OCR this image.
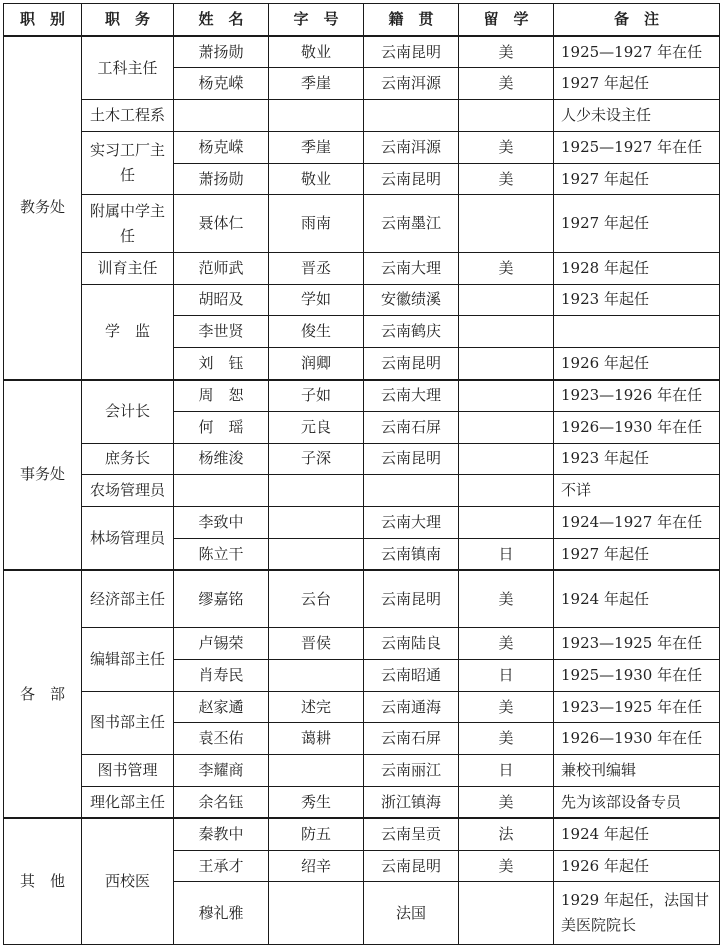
职　别	职　务	姓　名	字　号	籍　贯	留　学	备　注
教务处	工科主任	萧扬勋	敬业	云南昆明	美	1925—1927 年在任
		杨克嵘	季崖	云南洱源	美	1927 年起任
	土木工程系					人少未设主任
	实习工厂主任	杨克嵘	季崖	云南洱源	美	1925—1927 年在任
		萧扬勋	敬业	云南昆明	美	1927 年起任
	附属中学主任	聂体仁	雨南	云南墨江		1927 年起任
	训育主任	范师武	晋丞	云南大理	美	1928 年起任
	学　监	胡昭及	学如	安徽绩溪		1923 年起任
		李世贤	俊生	云南鹤庆		
		刘　钰	润卿	云南昆明		1926 年起任
事务处	会计长	周　恕	子如	云南大理		1923—1926 年在任
		何　瑶	元良	云南石屏		1926—1930 年在任
	庶务长	杨维浚	子深	云南昆明		1923 年起任
	农场管理员					不详
	林场管理员	李致中		云南大理		1924—1927 年在任
		陈立干		云南镇南	日	1927 年起任
各　部	经济部主任	缪嘉铭	云台	云南昆明	美	1924 年起任
	编辑部主任	卢锡荣	晋侯	云南陆良	美	1923—1925 年在任
		肖寿民		云南昭通	日	1925—1930 年在任
	图书部主任	赵家遹	述完	云南通海	美	1923—1925 年在任
		袁丕佑	蔼耕	云南石屏	美	1926—1930 年在任
	图书管理	李耀商		云南丽江	日	兼校刊编辑
	理化部主任	余名钰	秀生	浙江镇海	美	先为该部设备专员
其　他	西校医	秦教中	防五	云南呈贡	法	1924 年起任
		王承才	绍辛	云南昆明	美	1926 年起任
		穆礼雅		法国		1929 年起任，法国甘美医院院长
